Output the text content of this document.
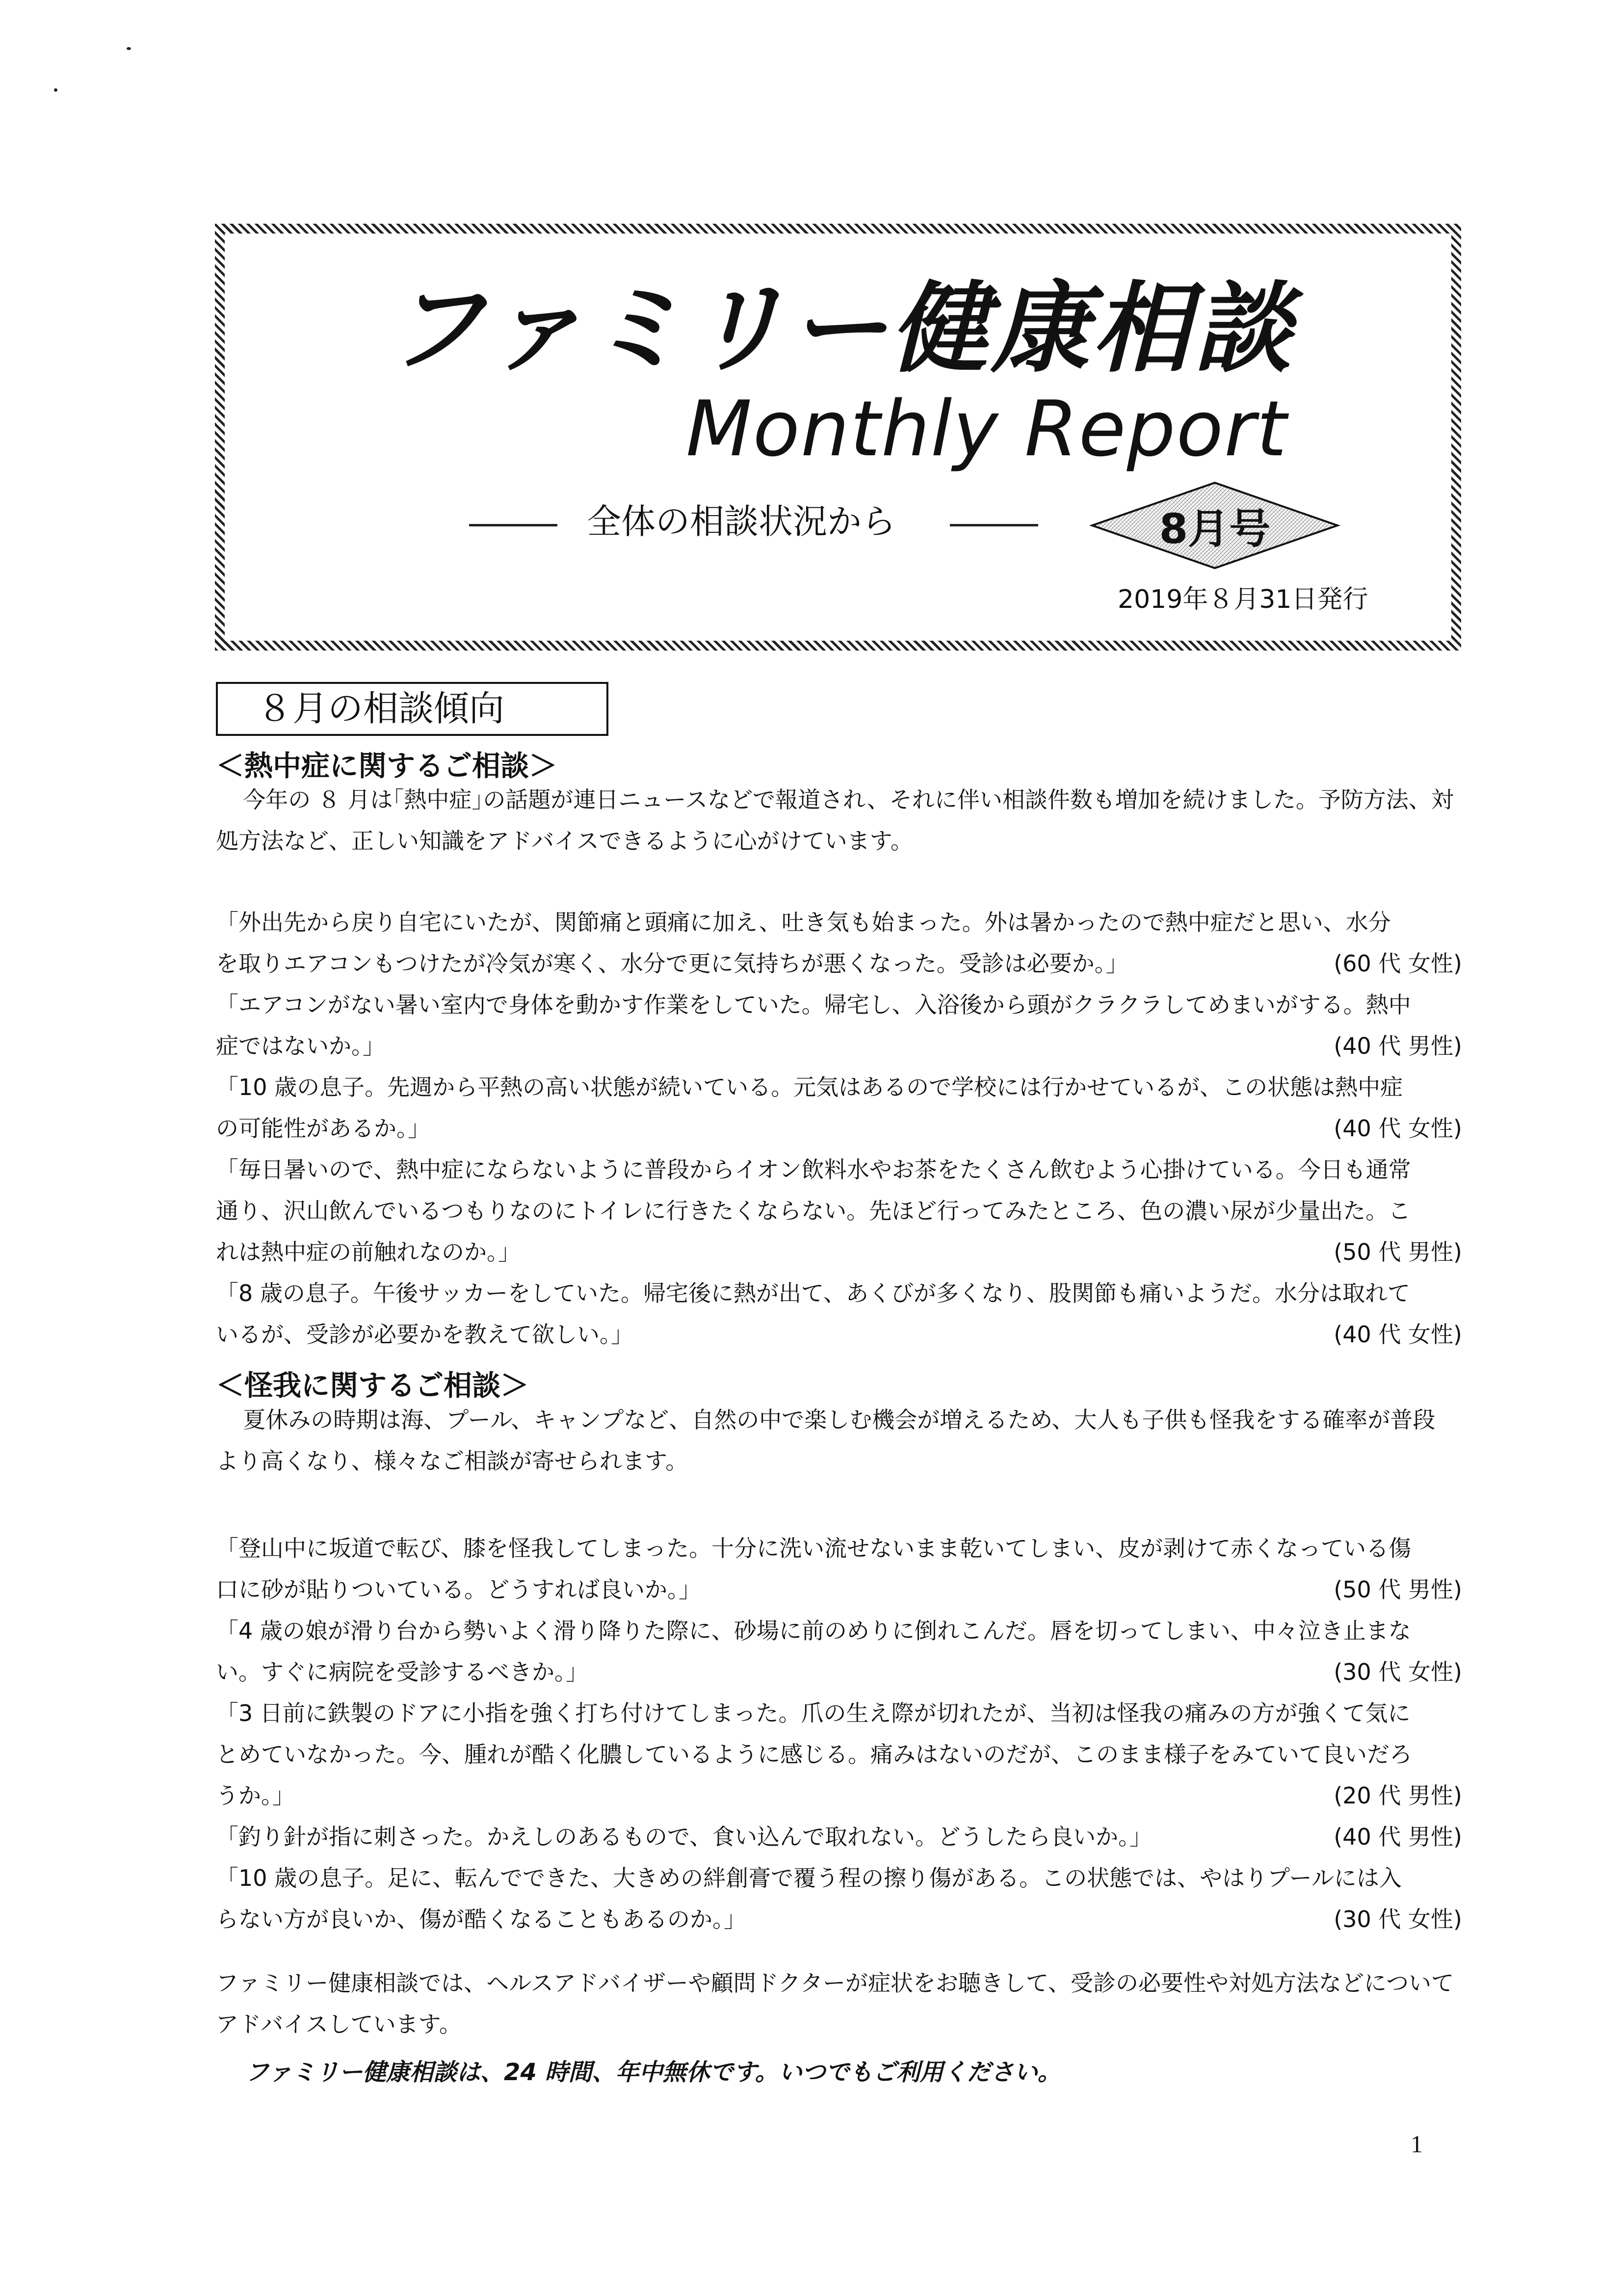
ファミリー健康相談
Monthly Report
全体の相談状況から	8月号
2019年８月31日発行
８月の相談傾向
＜熱中症に関するご相談＞
今年の ８ 月は｢熱中症｣の話題が連日ニュースなどで報道され、それに伴い相談件数も増加を続けました。予防方法、対処方法など、正しい知識をアドバイスできるように心がけています。
「外出先から戻り自宅にいたが、関節痛と頭痛に加え、吐き気も始まった。外は暑かったので熱中症だと思い、水分を取りエアコンもつけたが冷気が寒く、水分で更に気持ちが悪くなった。受診は必要か。」	(60 代 女性)
「エアコンがない暑い室内で身体を動かす作業をしていた。帰宅し、入浴後から頭がクラクラしてめまいがする。熱中症ではないか。」	(40 代 男性)
「10 歳の息子。先週から平熱の高い状態が続いている。元気はあるので学校には行かせているが、この状態は熱中症の可能性があるか。」	(40 代 女性)
「毎日暑いので、熱中症にならないように普段からイオン飲料水やお茶をたくさん飲むよう心掛けている。今日も通常通り、沢山飲んでいるつもりなのにトイレに行きたくならない。先ほど行ってみたところ、色の濃い尿が少量出た。これは熱中症の前触れなのか。」	(50 代 男性)
「8 歳の息子。午後サッカーをしていた。帰宅後に熱が出て、あくびが多くなり、股関節も痛いようだ。水分は取れているが、受診が必要かを教えて欲しい。」	(40 代 女性)
＜怪我に関するご相談＞
夏休みの時期は海、プール、キャンプなど、自然の中で楽しむ機会が増えるため、大人も子供も怪我をする確率が普段より高くなり、様々なご相談が寄せられます。
「登山中に坂道で転び、膝を怪我してしまった。十分に洗い流せないまま乾いてしまい、皮が剥けて赤くなっている傷口に砂が貼りついている。どうすれば良いか。」	(50 代 男性)
「4 歳の娘が滑り台から勢いよく滑り降りた際に、砂場に前のめりに倒れこんだ。唇を切ってしまい、中々泣き止まない。すぐに病院を受診するべきか。」	(30 代 女性)
「3 日前に鉄製のドアに小指を強く打ち付けてしまった。爪の生え際が切れたが、当初は怪我の痛みの方が強くて気にとめていなかった。今、腫れが酷く化膿しているように感じる。痛みはないのだが、このまま様子をみていて良いだろうか。」	(20 代 男性)
「釣り針が指に刺さった。かえしのあるもので、食い込んで取れない。どうしたら良いか。」	(40 代 男性)
「10 歳の息子。足に、転んでできた、大きめの絆創膏で覆う程の擦り傷がある。この状態では、やはりプールには入らない方が良いか、傷が酷くなることもあるのか。」	(30 代 女性)
ファミリー健康相談では、ヘルスアドバイザーや顧問ドクターが症状をお聴きして、受診の必要性や対処方法などについてアドバイスしています。
ファミリー健康相談は、24 時間、年中無休です。いつでもご利用ください。
1
